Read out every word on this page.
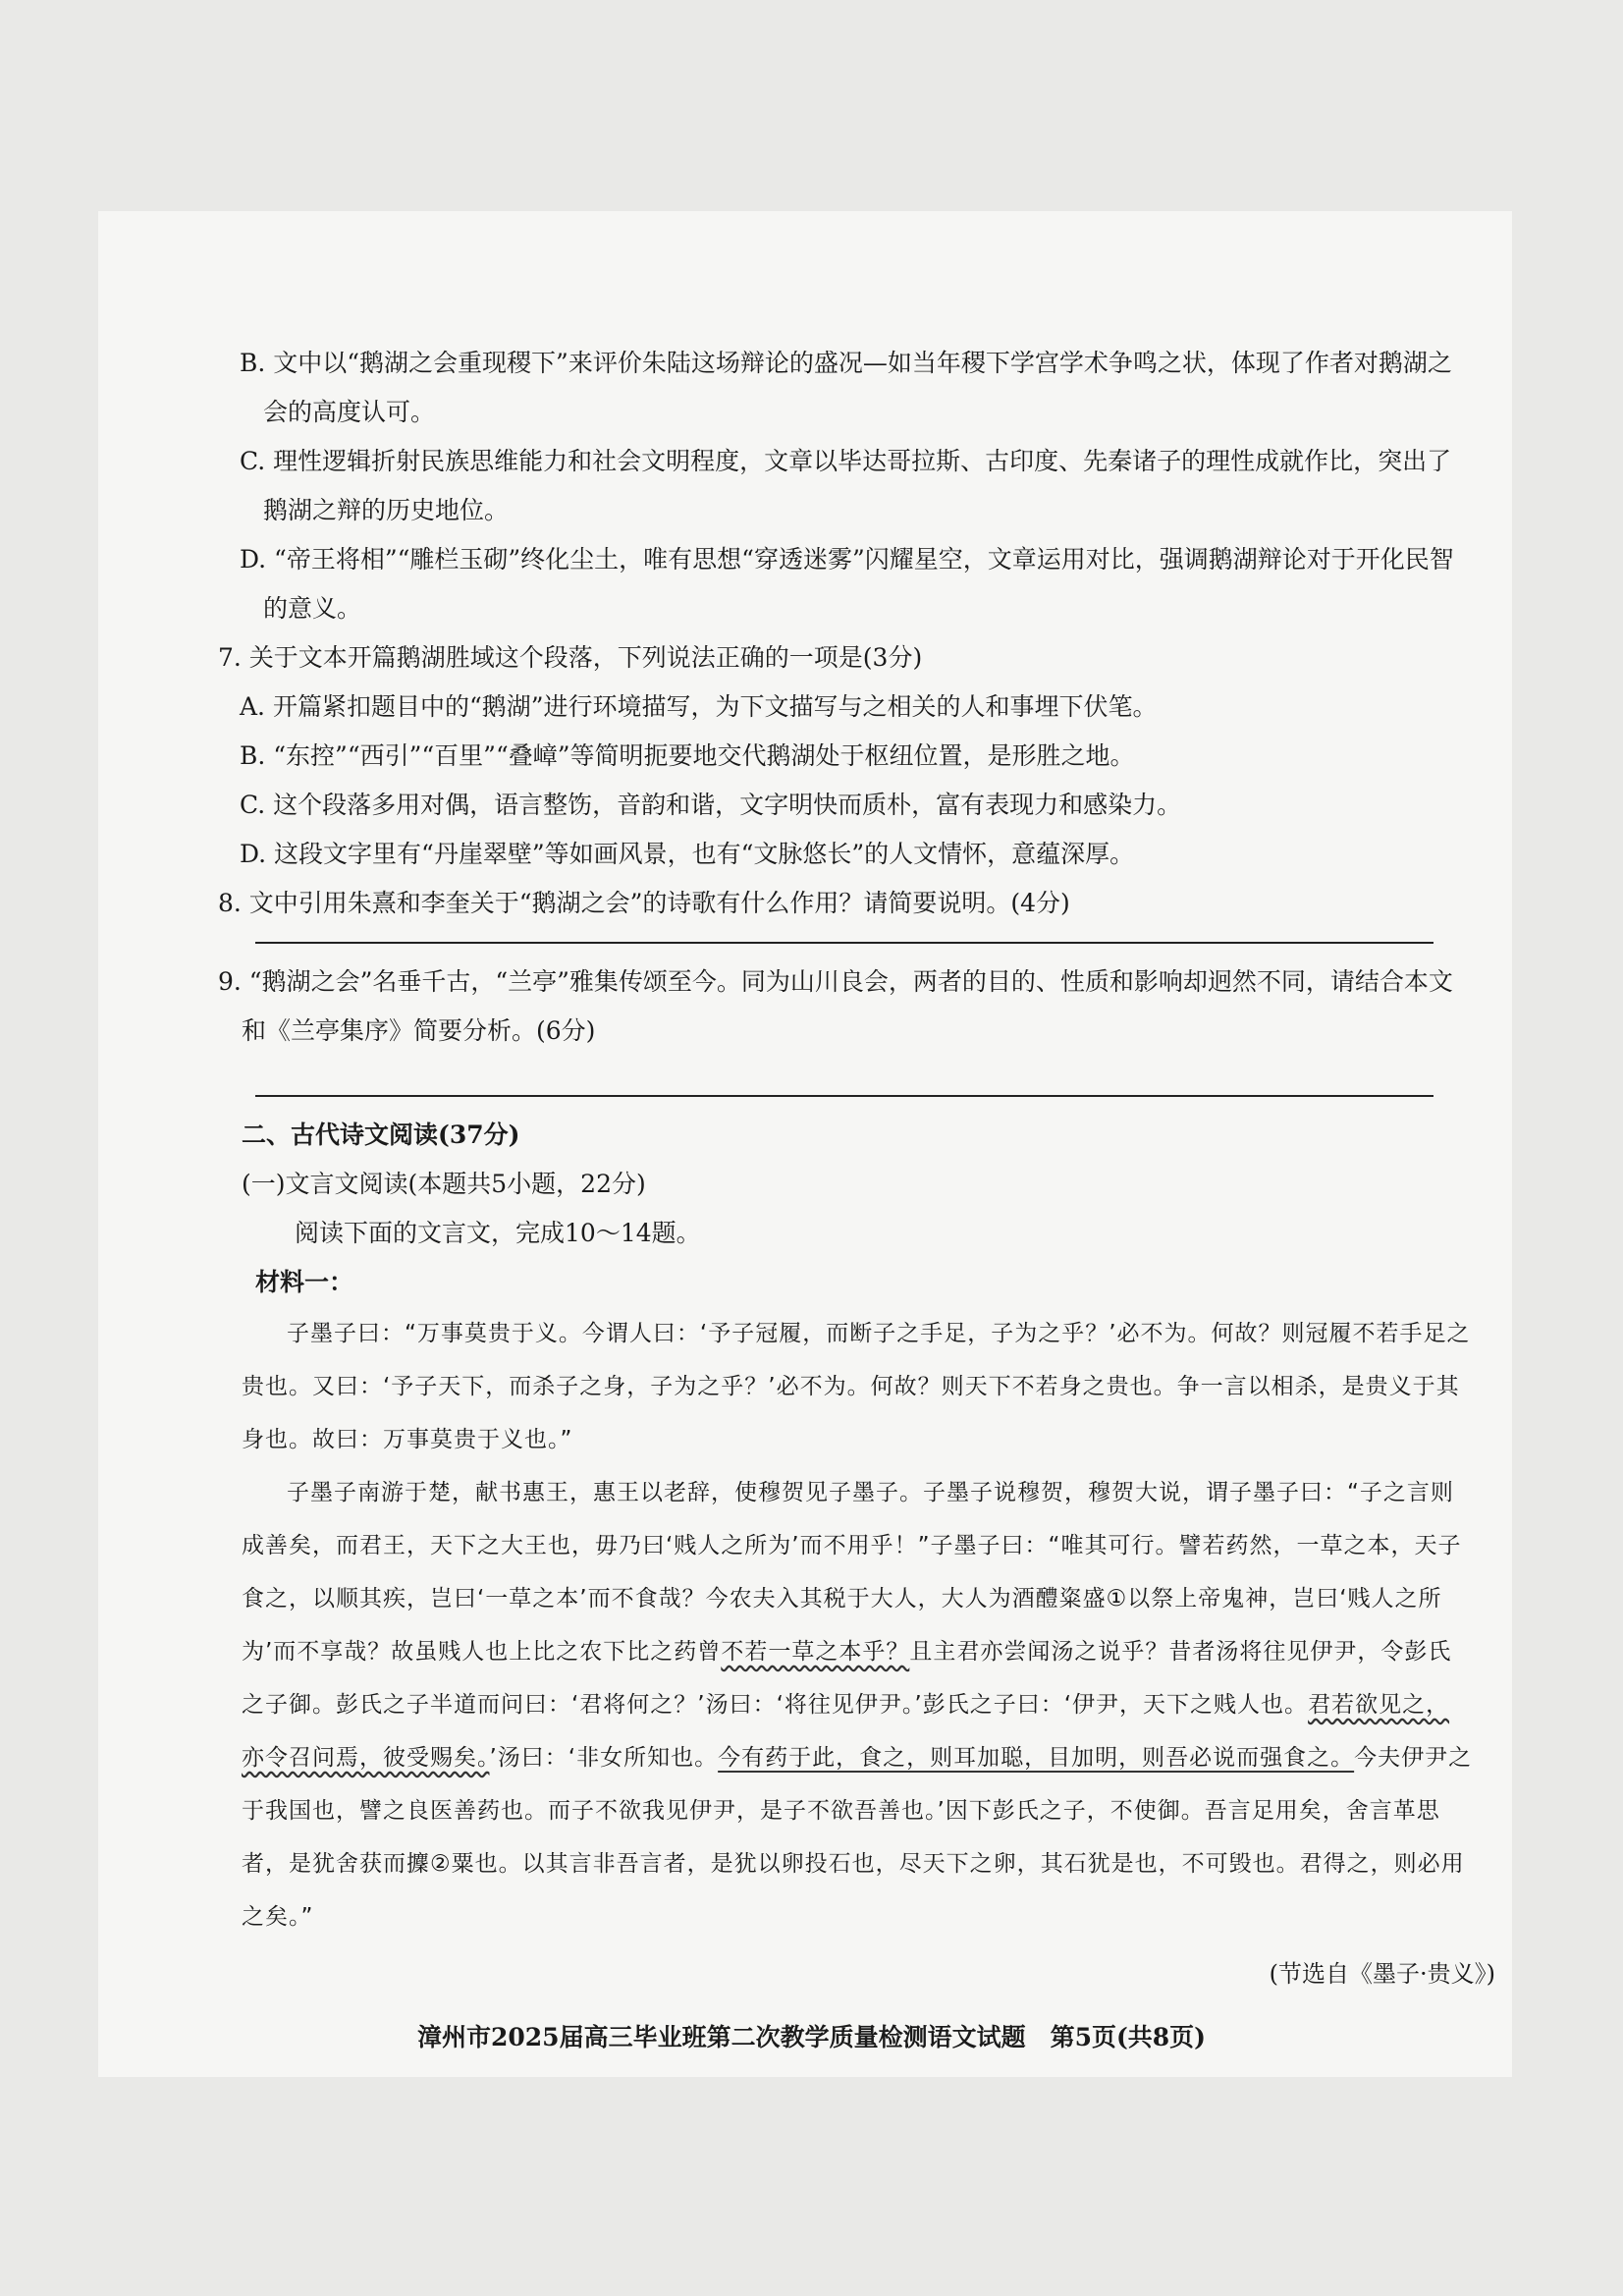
B. 文中以“鹅湖之会重现稷下”来评价朱陆这场辩论的盛况—如当年稷下学宫学术争鸣之状，体现了作者对鹅湖之会的高度认可。
C. 理性逻辑折射民族思维能力和社会文明程度，文章以毕达哥拉斯、古印度、先秦诸子的理性成就作比，突出了鹅湖之辩的历史地位。
D. “帝王将相”“雕栏玉砌”终化尘土，唯有思想“穿透迷雾”闪耀星空，文章运用对比，强调鹅湖辩论对于开化民智的意义。
7. 关于文本开篇鹅湖胜域这个段落，下列说法正确的一项是(3分)
A. 开篇紧扣题目中的“鹅湖”进行环境描写，为下文描写与之相关的人和事埋下伏笔。
B. “东控”“西引”“百里”“叠嶂”等简明扼要地交代鹅湖处于枢纽位置，是形胜之地。
C. 这个段落多用对偶，语言整饬，音韵和谐，文字明快而质朴，富有表现力和感染力。
D. 这段文字里有“丹崖翠壁”等如画风景，也有“文脉悠长”的人文情怀，意蕴深厚。
8. 文中引用朱熹和李奎关于“鹅湖之会”的诗歌有什么作用？请简要说明。(4分)
9. “鹅湖之会”名垂千古，“兰亭”雅集传颂至今。同为山川良会，两者的目的、性质和影响却迥然不同，请结合本文和《兰亭集序》简要分析。(6分)
二、古代诗文阅读(37分)
(一)文言文阅读(本题共5小题，22分)
阅读下面的文言文，完成10～14题。
材料一：
子墨子曰：“万事莫贵于义。今谓人曰：‘予子冠履，而断子之手足，子为之乎？’必不为。何故？则冠履不若手足之贵也。又曰：‘予子天下，而杀子之身，子为之乎？’必不为。何故？则天下不若身之贵也。争一言以相杀，是贵义于其身也。故曰：万事莫贵于义也。”
子墨子南游于楚，献书惠王，惠王以老辞，使穆贺见子墨子。子墨子说穆贺，穆贺大说，谓子墨子曰：“子之言则成善矣，而君王，天下之大王也，毋乃曰‘贱人之所为’而不用乎！”子墨子曰：“唯其可行。譬若药然，一草之本，天子食之，以顺其疾，岂曰‘一草之本’而不食哉？今农夫入其税于大人，大人为酒醴粢盛①以祭上帝鬼神，岂曰‘贱人之所为’而不享哉？故虽贱人也上比之农下比之药曾不若一草之本乎？且主君亦尝闻汤之说乎？昔者汤将往见伊尹，令彭氏之子御。彭氏之子半道而问曰：‘君将何之？’汤曰：‘将往见伊尹。’彭氏之子曰：‘伊尹，天下之贱人也。君若欲见之，亦令召问焉，彼受赐矣。’汤曰：‘非女所知也。今有药于此，食之，则耳加聪，目加明，则吾必说而强食之。今夫伊尹之于我国也，譬之良医善药也。而子不欲我见伊尹，是子不欲吾善也。’因下彭氏之子，不使御。吾言足用矣，舍言革思者，是犹舍获而攈②粟也。以其言非吾言者，是犹以卵投石也，尽天下之卵，其石犹是也，不可毁也。君得之，则必用之矣。”
(节选自《墨子·贵义》)
漳州市2025届高三毕业班第二次教学质量检测语文试题　第5页(共8页)
